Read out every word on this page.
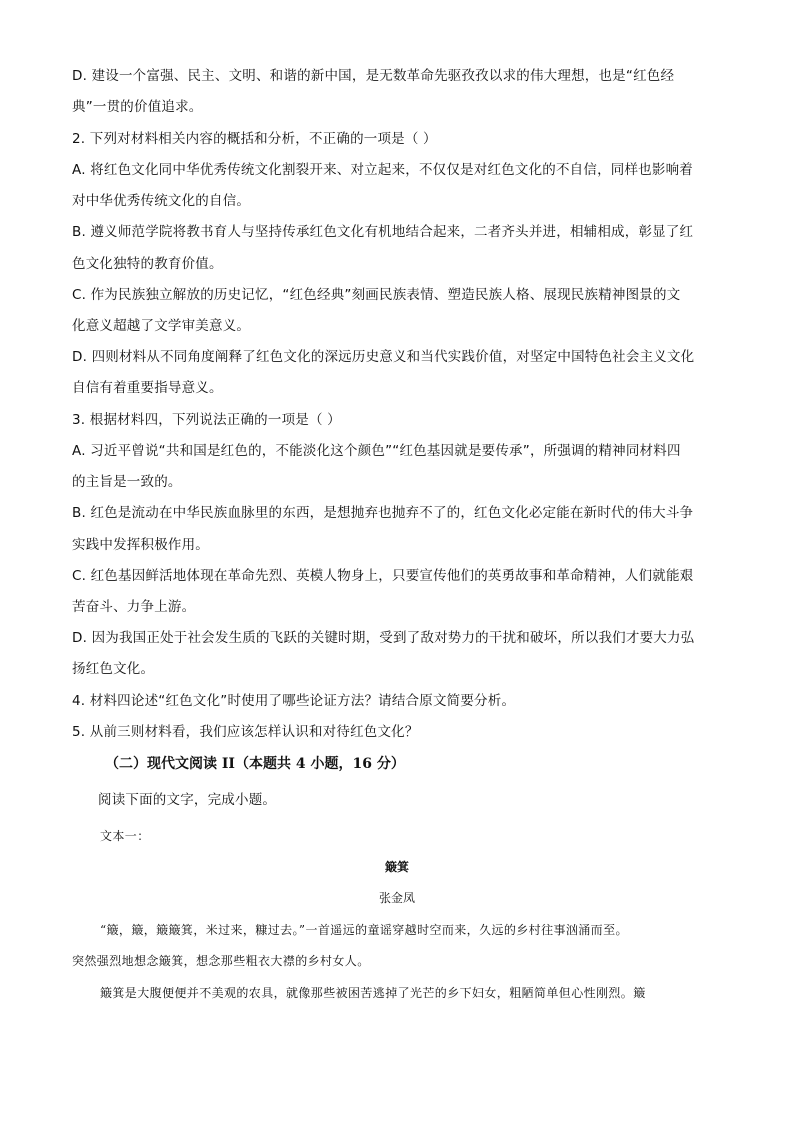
D. 建设一个富强、民主、文明、和谐的新中国，是无数革命先驱孜孜以求的伟大理想，也是“红色经
典”一贯的价值追求。
2. 下列对材料相关内容的概括和分析，不正确的一项是（ ）
A. 将红色文化同中华优秀传统文化割裂开来、对立起来，不仅仅是对红色文化的不自信，同样也影响着
对中华优秀传统文化的自信。
B. 遵义师范学院将教书育人与坚持传承红色文化有机地结合起来，二者齐头并进，相辅相成，彰显了红
色文化独特的教育价值。
C. 作为民族独立解放的历史记忆，“红色经典”刻画民族表情、塑造民族人格、展现民族精神图景的文
化意义超越了文学审美意义。
D. 四则材料从不同角度阐释了红色文化的深远历史意义和当代实践价值，对坚定中国特色社会主义文化
自信有着重要指导意义。
3. 根据材料四，下列说法正确的一项是（ ）
A. 习近平曾说“共和国是红色的，不能淡化这个颜色”“红色基因就是要传承”，所强调的精神同材料四
的主旨是一致的。
B. 红色是流动在中华民族血脉里的东西，是想抛弃也抛弃不了的，红色文化必定能在新时代的伟大斗争
实践中发挥积极作用。
C. 红色基因鲜活地体现在革命先烈、英模人物身上，只要宣传他们的英勇故事和革命精神，人们就能艰
苦奋斗、力争上游。
D. 因为我国正处于社会发生质的飞跃的关键时期，受到了敌对势力的干扰和破坏，所以我们才要大力弘
扬红色文化。
4. 材料四论述“红色文化”时使用了哪些论证方法？请结合原文简要分析。
5. 从前三则材料看，我们应该怎样认识和对待红色文化？
（二）现代文阅读 II（本题共 4 小题，16 分）
阅读下面的文字，完成小题。
文本一：
簸箕
张金凤
“簸，簸，簸簸箕，米过来，糠过去。”一首遥远的童谣穿越时空而来，久远的乡村往事汹涌而至。
突然强烈地想念簸箕，想念那些粗衣大襟的乡村女人。
簸箕是大腹便便并不美观的农具，就像那些被困苦逃掉了光芒的乡下妇女，粗陋简单但心性刚烈。簸
